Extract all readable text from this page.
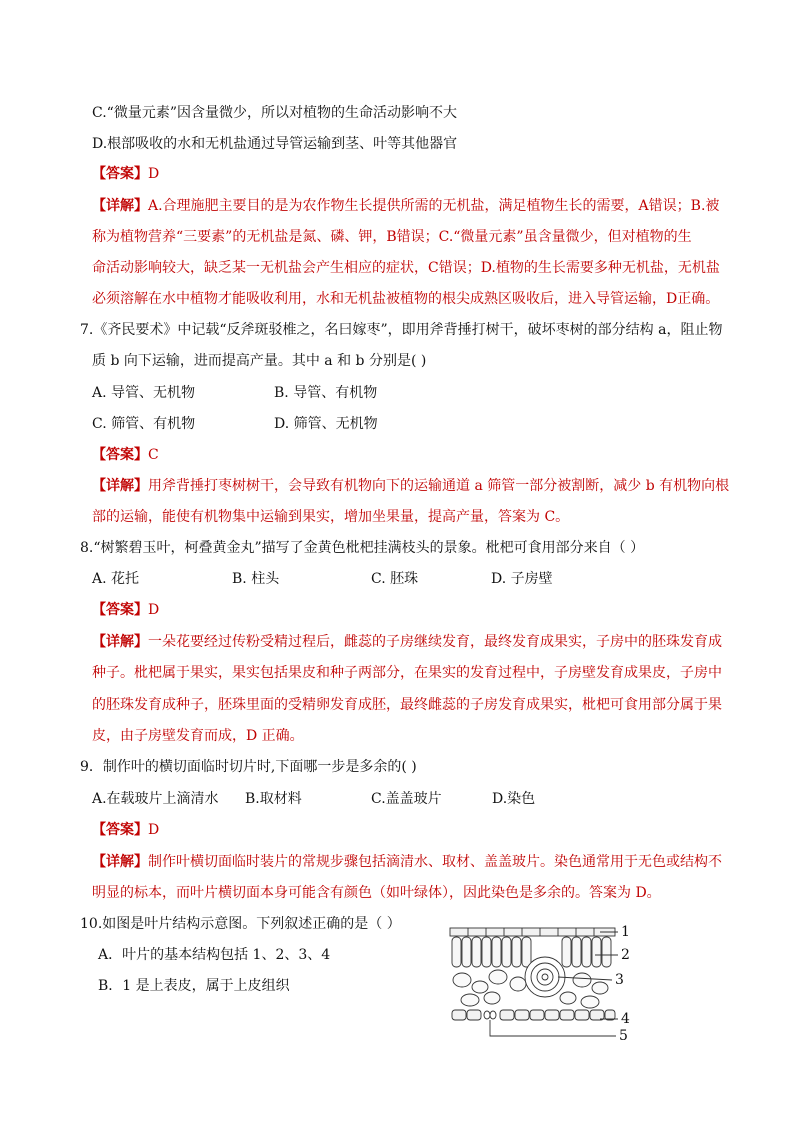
C.“微量元素”因含量微少，所以对植物的生命活动影响不大
D.根部吸收的水和无机盐通过导管运输到茎、叶等其他器官
【答案】D
【详解】A.合理施肥主要目的是为农作物生长提供所需的无机盐，满足植物生长的需要，A错误；B.被
称为植物营养“三要素”的无机盐是氮、磷、钾，B错误；C.“微量元素”虽含量微少，但对植物的生
命活动影响较大，缺乏某一无机盐会产生相应的症状，C错误；D.植物的生长需要多种无机盐，无机盐
必须溶解在水中植物才能吸收利用，水和无机盐被植物的根尖成熟区吸收后，进入导管运输，D正确。
7.《齐民要术》中记载“反斧斑驳椎之，名曰嫁枣”，即用斧背捶打树干，破坏枣树的部分结构 a，阻止物
质 b 向下运输，进而提高产量。其中 a 和 b 分别是( )
A. 导管、无机物	B. 导管、有机物
C. 筛管、有机物	D. 筛管、无机物
【答案】C
【详解】用斧背捶打枣树树干，会导致有机物向下的运输通道 a 筛管一部分被割断，减少 b 有机物向根
部的运输，能使有机物集中运输到果实，增加坐果量，提高产量，答案为 C。
8.“树繁碧玉叶，柯叠黄金丸”描写了金黄色枇杷挂满枝头的景象。枇杷可食用部分来自（ ）
A. 花托	B. 柱头	C. 胚珠	D. 子房壁
【答案】D
【详解】一朵花要经过传粉受精过程后，雌蕊的子房继续发育，最终发育成果实，子房中的胚珠发育成
种子。枇杷属于果实，果实包括果皮和种子两部分，在果实的发育过程中，子房壁发育成果皮，子房中
的胚珠发育成种子，胚珠里面的受精卵发育成胚，最终雌蕊的子房发育成果实，枇杷可食用部分属于果
皮，由子房壁发育而成，D 正确。
9．制作叶的横切面临时切片时,下面哪一步是多余的( )
A.在载玻片上滴清水 B.取材料	C.盖盖玻片	D.染色
【答案】D
【详解】制作叶横切面临时装片的常规步骤包括滴清水、取材、盖盖玻片。染色通常用于无色或结构不
明显的标本，而叶片横切面本身可能含有颜色（如叶绿体），因此染色是多余的。答案为 D。
10.如图是叶片结构示意图。下列叙述正确的是（ ）
A．叶片的基本结构包括 1、2、3、4
B．1 是上表皮，属于上皮组织
1
2
3
4
5
